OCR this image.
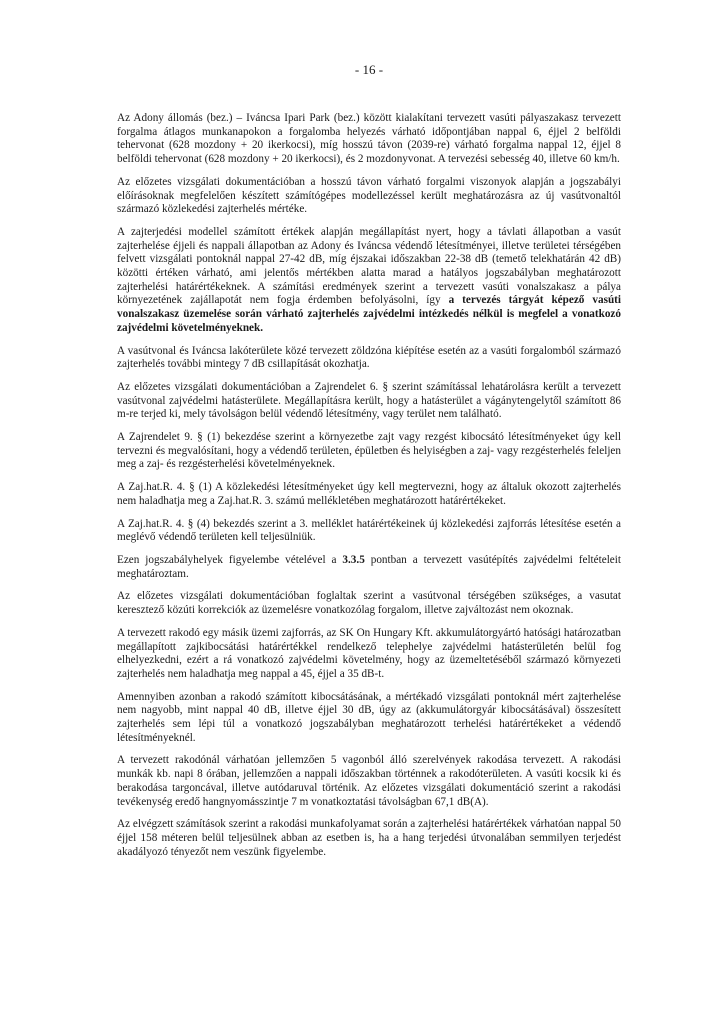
- 16 -

Az Adony állomás (bez.) – Iváncsa Ipari Park (bez.) között kialakítani tervezett vasúti pályaszakasz tervezett forgalma átlagos munkanapokon a forgalomba helyezés várható időpontjában nappal 6, éjjel 2 belföldi tehervonat (628 mozdony + 20 ikerkocsi), míg hosszú távon (2039-re) várható forgalma nappal 12, éjjel 8 belföldi tehervonat (628 mozdony + 20 ikerkocsi), és 2 mozdonyvonat. A tervezési sebesség 40, illetve 60 km/h.

Az előzetes vizsgálati dokumentációban a hosszú távon várható forgalmi viszonyok alapján a jogszabályi előírásoknak megfelelően készített számítógépes modellezéssel került meghatározásra az új vasútvonaltól származó közlekedési zajterhelés mértéke.

A zajterjedési modellel számított értékek alapján megállapítást nyert, hogy a távlati állapotban a vasút zajterhelése éjjeli és nappali állapotban az Adony és Iváncsa védendő létesítményei, illetve területei térségében felvett vizsgálati pontoknál nappal 27-42 dB, míg éjszakai időszakban 22-38 dB (temető telekhatárán 42 dB) közötti értéken várható, ami jelentős mértékben alatta marad a hatályos jogszabályban meghatározott zajterhelési határértékeknek. A számítási eredmények szerint a tervezett vasúti vonalszakasz a pálya környezetének zajállapotát nem fogja érdemben befolyásolni, így a tervezés tárgyát képező vasúti vonalszakasz üzemelése során várható zajterhelés zajvédelmi intézkedés nélkül is megfelel a vonatkozó zajvédelmi követelményeknek.

A vasútvonal és Iváncsa lakóterülete közé tervezett zöldzóna kiépítése esetén az a vasúti forgalomból származó zajterhelés további mintegy 7 dB csillapítását okozhatja.

Az előzetes vizsgálati dokumentációban a Zajrendelet 6. § szerint számítással lehatárolásra került a tervezett vasútvonal zajvédelmi hatásterülete. Megállapításra került, hogy a hatásterület a vágánytengelytől számított 86 m-re terjed ki, mely távolságon belül védendő létesítmény, vagy terület nem található.

A Zajrendelet 9. § (1) bekezdése szerint a környezetbe zajt vagy rezgést kibocsátó létesítményeket úgy kell tervezni és megvalósítani, hogy a védendő területen, épületben és helyiségben a zaj- vagy rezgésterhelés feleljen meg a zaj- és rezgésterhelési követelményeknek.

A Zaj.hat.R. 4. § (1) A közlekedési létesítményeket úgy kell megtervezni, hogy az általuk okozott zajterhelés nem haladhatja meg a Zaj.hat.R. 3. számú mellékletében meghatározott határértékeket.

A Zaj.hat.R. 4. § (4) bekezdés szerint a 3. melléklet határértékeinek új közlekedési zajforrás létesítése esetén a meglévő védendő területen kell teljesülniük.

Ezen jogszabályhelyek figyelembe vételével a 3.3.5 pontban a tervezett vasútépítés zajvédelmi feltételeit meghatároztam.

Az előzetes vizsgálati dokumentációban foglaltak szerint a vasútvonal térségében szükséges, a vasutat keresztező közúti korrekciók az üzemelésre vonatkozólag forgalom, illetve zajváltozást nem okoznak.

A tervezett rakodó egy másik üzemi zajforrás, az SK On Hungary Kft. akkumulátorgyártó hatósági határozatban megállapított zajkibocsátási határértékkel rendelkező telephelye zajvédelmi hatásterületén belül fog elhelyezkedni, ezért a rá vonatkozó zajvédelmi követelmény, hogy az üzemeltetéséből származó környezeti zajterhelés nem haladhatja meg nappal a 45, éjjel a 35 dB-t.

Amennyiben azonban a rakodó számított kibocsátásának, a mértékadó vizsgálati pontoknál mért zajterhelése nem nagyobb, mint nappal 40 dB, illetve éjjel 30 dB, úgy az (akkumulátorgyár kibocsátásával) összesített zajterhelés sem lépi túl a vonatkozó jogszabályban meghatározott terhelési határértékeket a védendő létesítményeknél.

A tervezett rakodónál várhatóan jellemzően 5 vagonból álló szerelvények rakodása tervezett. A rakodási munkák kb. napi 8 órában, jellemzően a nappali időszakban történnek a rakodóterületen. A vasúti kocsik ki és berakodása targoncával, illetve autódaruval történik. Az előzetes vizsgálati dokumentáció szerint a rakodási tevékenység eredő hangnyomásszintje 7 m vonatkoztatási távolságban 67,1 dB(A).

Az elvégzett számítások szerint a rakodási munkafolyamat során a zajterhelési határértékek várhatóan nappal 50 éjjel 158 méteren belül teljesülnek abban az esetben is, ha a hang terjedési útvonalában semmilyen terjedést akadályozó tényezőt nem veszünk figyelembe.
